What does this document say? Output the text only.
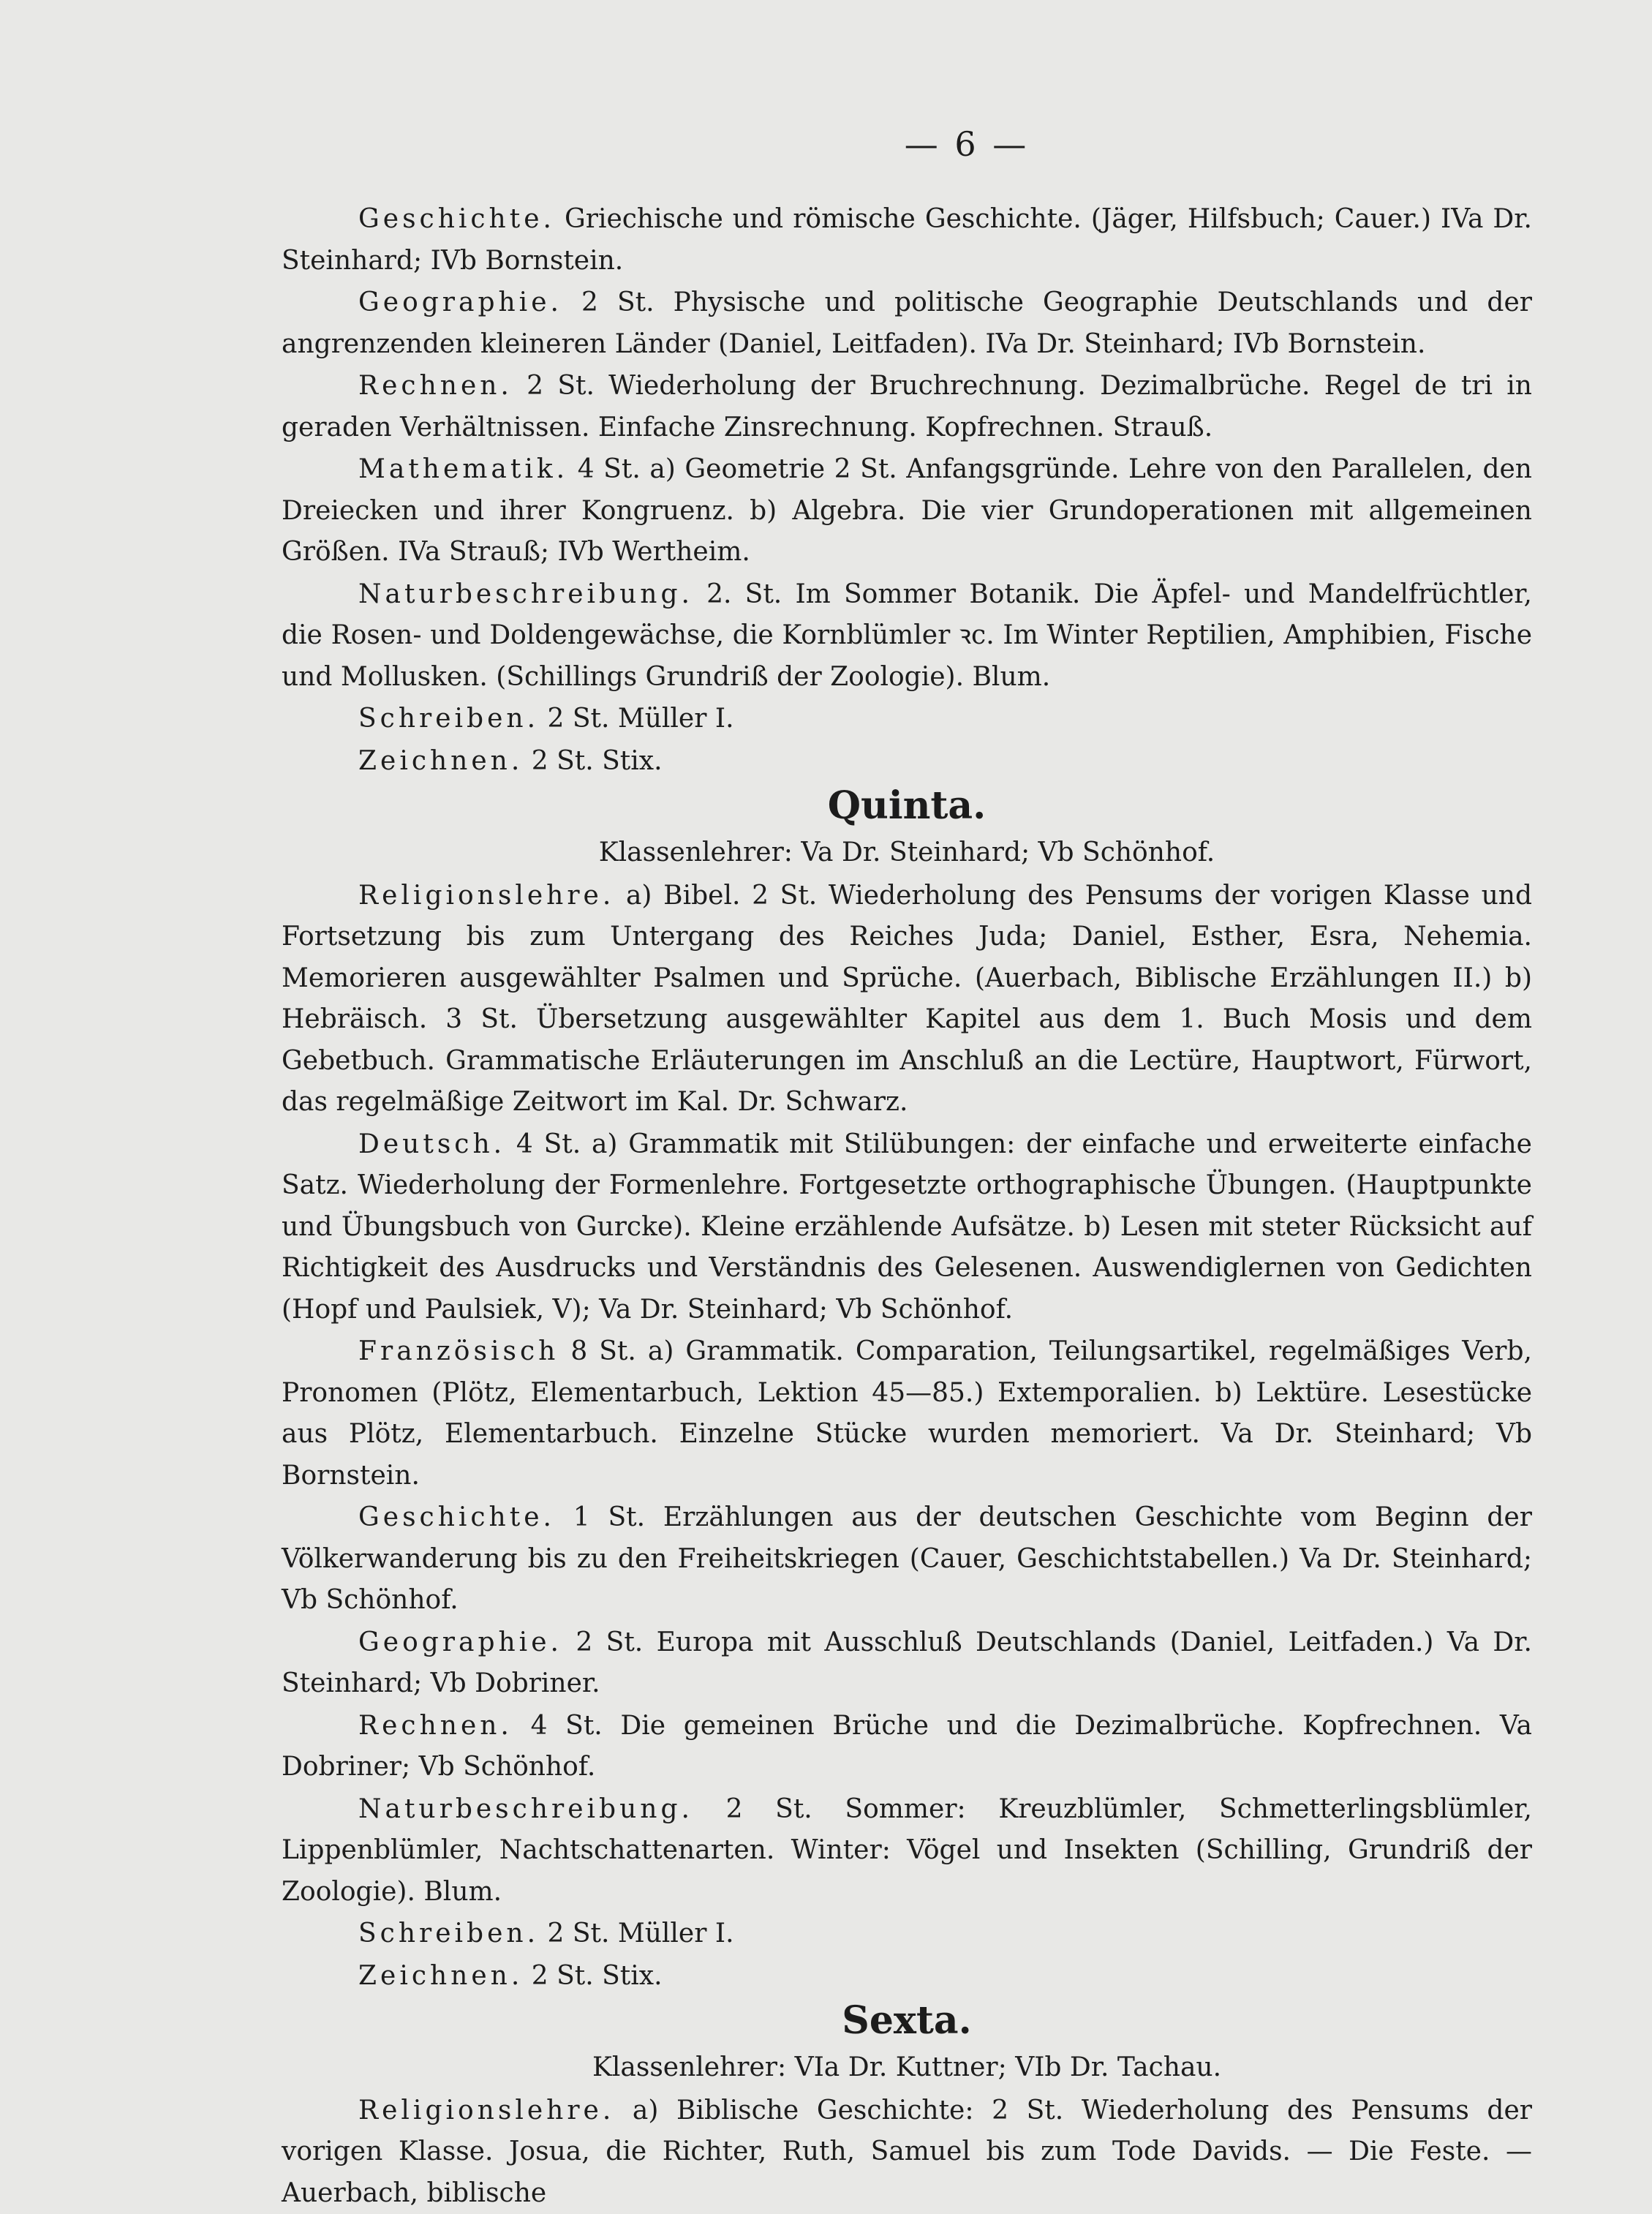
— 6 —

Geschichte. Griechische und römische Geschichte. (Jäger, Hilfsbuch; Cauer.) IVa Dr. Steinhard; IVb Bornstein.

Geographie. 2 St. Physische und politische Geographie Deutschlands und der angrenzenden kleineren Länder (Daniel, Leitfaden). IVa Dr. Steinhard; IVb Bornstein.

Rechnen. 2 St. Wiederholung der Bruchrechnung. Dezimalbrüche. Regel de tri in geraden Verhältnissen. Einfache Zinsrechnung. Kopfrechnen. Strauß.

Mathematik. 4 St. a) Geometrie 2 St. Anfangsgründe. Lehre von den Parallelen, den Dreiecken und ihrer Kongruenz. b) Algebra. Die vier Grundoperationen mit allgemeinen Größen. IVa Strauß; IVb Wertheim.

Naturbeschreibung. 2. St. Im Sommer Botanik. Die Äpfel- und Mandelfrüchtler, die Rosen- und Doldengewächse, die Kornblümler ꝛc. Im Winter Reptilien, Amphibien, Fische und Mollusken. (Schillings Grundriß der Zoologie). Blum.

Schreiben. 2 St. Müller I.

Zeichnen. 2 St. Stix.

Quinta.
Klassenlehrer: Va Dr. Steinhard; Vb Schönhof.

Religionslehre. a) Bibel. 2 St. Wiederholung des Pensums der vorigen Klasse und Fortsetzung bis zum Untergang des Reiches Juda; Daniel, Esther, Esra, Nehemia. Memorieren ausgewählter Psalmen und Sprüche. (Auerbach, Biblische Erzählungen II.) b) Hebräisch. 3 St. Übersetzung ausgewählter Kapitel aus dem 1. Buch Mosis und dem Gebetbuch. Grammatische Erläuterungen im Anschluß an die Lectüre, Hauptwort, Fürwort, das regelmäßige Zeitwort im Kal. Dr. Schwarz.

Deutsch. 4 St. a) Grammatik mit Stilübungen: der einfache und erweiterte einfache Satz. Wiederholung der Formenlehre. Fortgesetzte orthographische Übungen. (Hauptpunkte und Übungsbuch von Gurcke). Kleine erzählende Aufsätze. b) Lesen mit steter Rücksicht auf Richtigkeit des Ausdrucks und Verständnis des Gelesenen. Auswendiglernen von Gedichten (Hopf und Paulsiek, V); Va Dr. Steinhard; Vb Schönhof.

Französisch 8 St. a) Grammatik. Comparation, Teilungsartikel, regelmäßiges Verb, Pronomen (Plötz, Elementarbuch, Lektion 45—85.) Extemporalien. b) Lektüre. Lesestücke aus Plötz, Elementarbuch. Einzelne Stücke wurden memoriert. Va Dr. Steinhard; Vb Bornstein.

Geschichte. 1 St. Erzählungen aus der deutschen Geschichte vom Beginn der Völkerwanderung bis zu den Freiheitskriegen (Cauer, Geschichtstabellen.) Va Dr. Steinhard; Vb Schönhof.

Geographie. 2 St. Europa mit Ausschluß Deutschlands (Daniel, Leitfaden.) Va Dr. Steinhard; Vb Dobriner.

Rechnen. 4 St. Die gemeinen Brüche und die Dezimalbrüche. Kopfrechnen. Va Dobriner; Vb Schönhof.

Naturbeschreibung. 2 St. Sommer: Kreuzblümler, Schmetterlingsblümler, Lippenblümler, Nachtschattenarten. Winter: Vögel und Insekten (Schilling, Grundriß der Zoologie). Blum.

Schreiben. 2 St. Müller I.

Zeichnen. 2 St. Stix.

Sexta.
Klassenlehrer: VIa Dr. Kuttner; VIb Dr. Tachau.

Religionslehre. a) Biblische Geschichte: 2 St. Wiederholung des Pensums der vorigen Klasse. Josua, die Richter, Ruth, Samuel bis zum Tode Davids. — Die Feste. — Auerbach, biblische
